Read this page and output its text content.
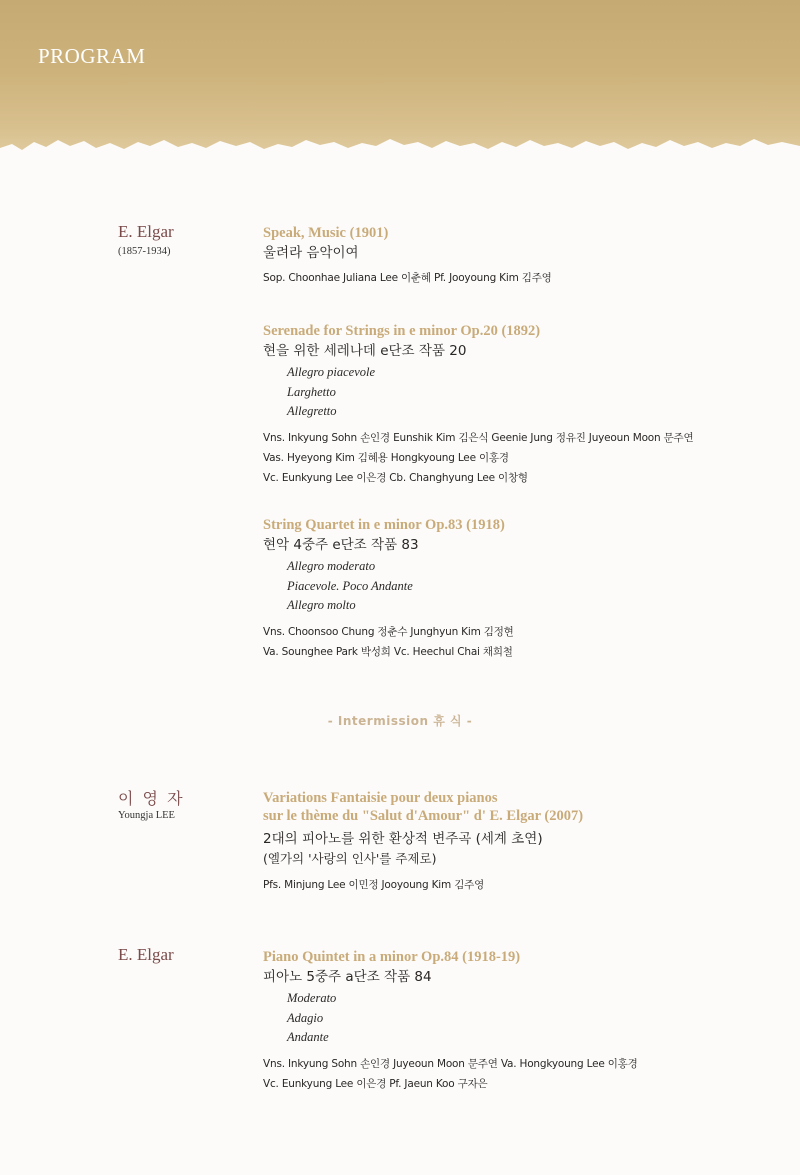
PROGRAM
E. Elgar
(1857-1934)
Speak, Music (1901)
울려라 음악이여
Sop. Choonhae Juliana Lee 이춘혜 Pf. Jooyoung Kim 김주영
Serenade for Strings in e minor Op.20 (1892)
현을 위한 세레나데 e단조 작품 20
Allegro piacevole
Larghetto
Allegretto
Vns. Inkyung Sohn 손인경 Eunshik Kim 김은식 Geenie Jung 정유진 Juyeoun Moon 문주연
Vas. Hyeyong Kim 김혜용 Hongkyoung Lee 이홍경
Vc. Eunkyung Lee 이은경 Cb. Changhyung Lee 이창형
String Quartet in e minor Op.83 (1918)
현악 4중주 e단조 작품 83
Allegro moderato
Piacevole. Poco Andante
Allegro molto
Vns. Choonsoo Chung 정춘수 Junghyun Kim 김정현
Va. Sounghee Park 박성희 Vc. Heechul Chai 채희철
- Intermission 휴 식 -
이 영 자
Youngja LEE
Variations Fantaisie pour deux pianos
sur le thème du "Salut d'Amour" d' E. Elgar (2007)
2대의 피아노를 위한 환상적 변주곡 (세계 초연)
(엘가의 '사랑의 인사'를 주제로)
Pfs. Minjung Lee 이민정 Jooyoung Kim 김주영
E. Elgar	Piano Quintet in a minor Op.84 (1918-19)
피아노 5중주 a단조 작품 84
Moderato
Adagio
Andante
Vns. Inkyung Sohn 손인경 Juyeoun Moon 문주연 Va. Hongkyoung Lee 이홍경
Vc. Eunkyung Lee 이은경 Pf. Jaeun Koo 구자은
